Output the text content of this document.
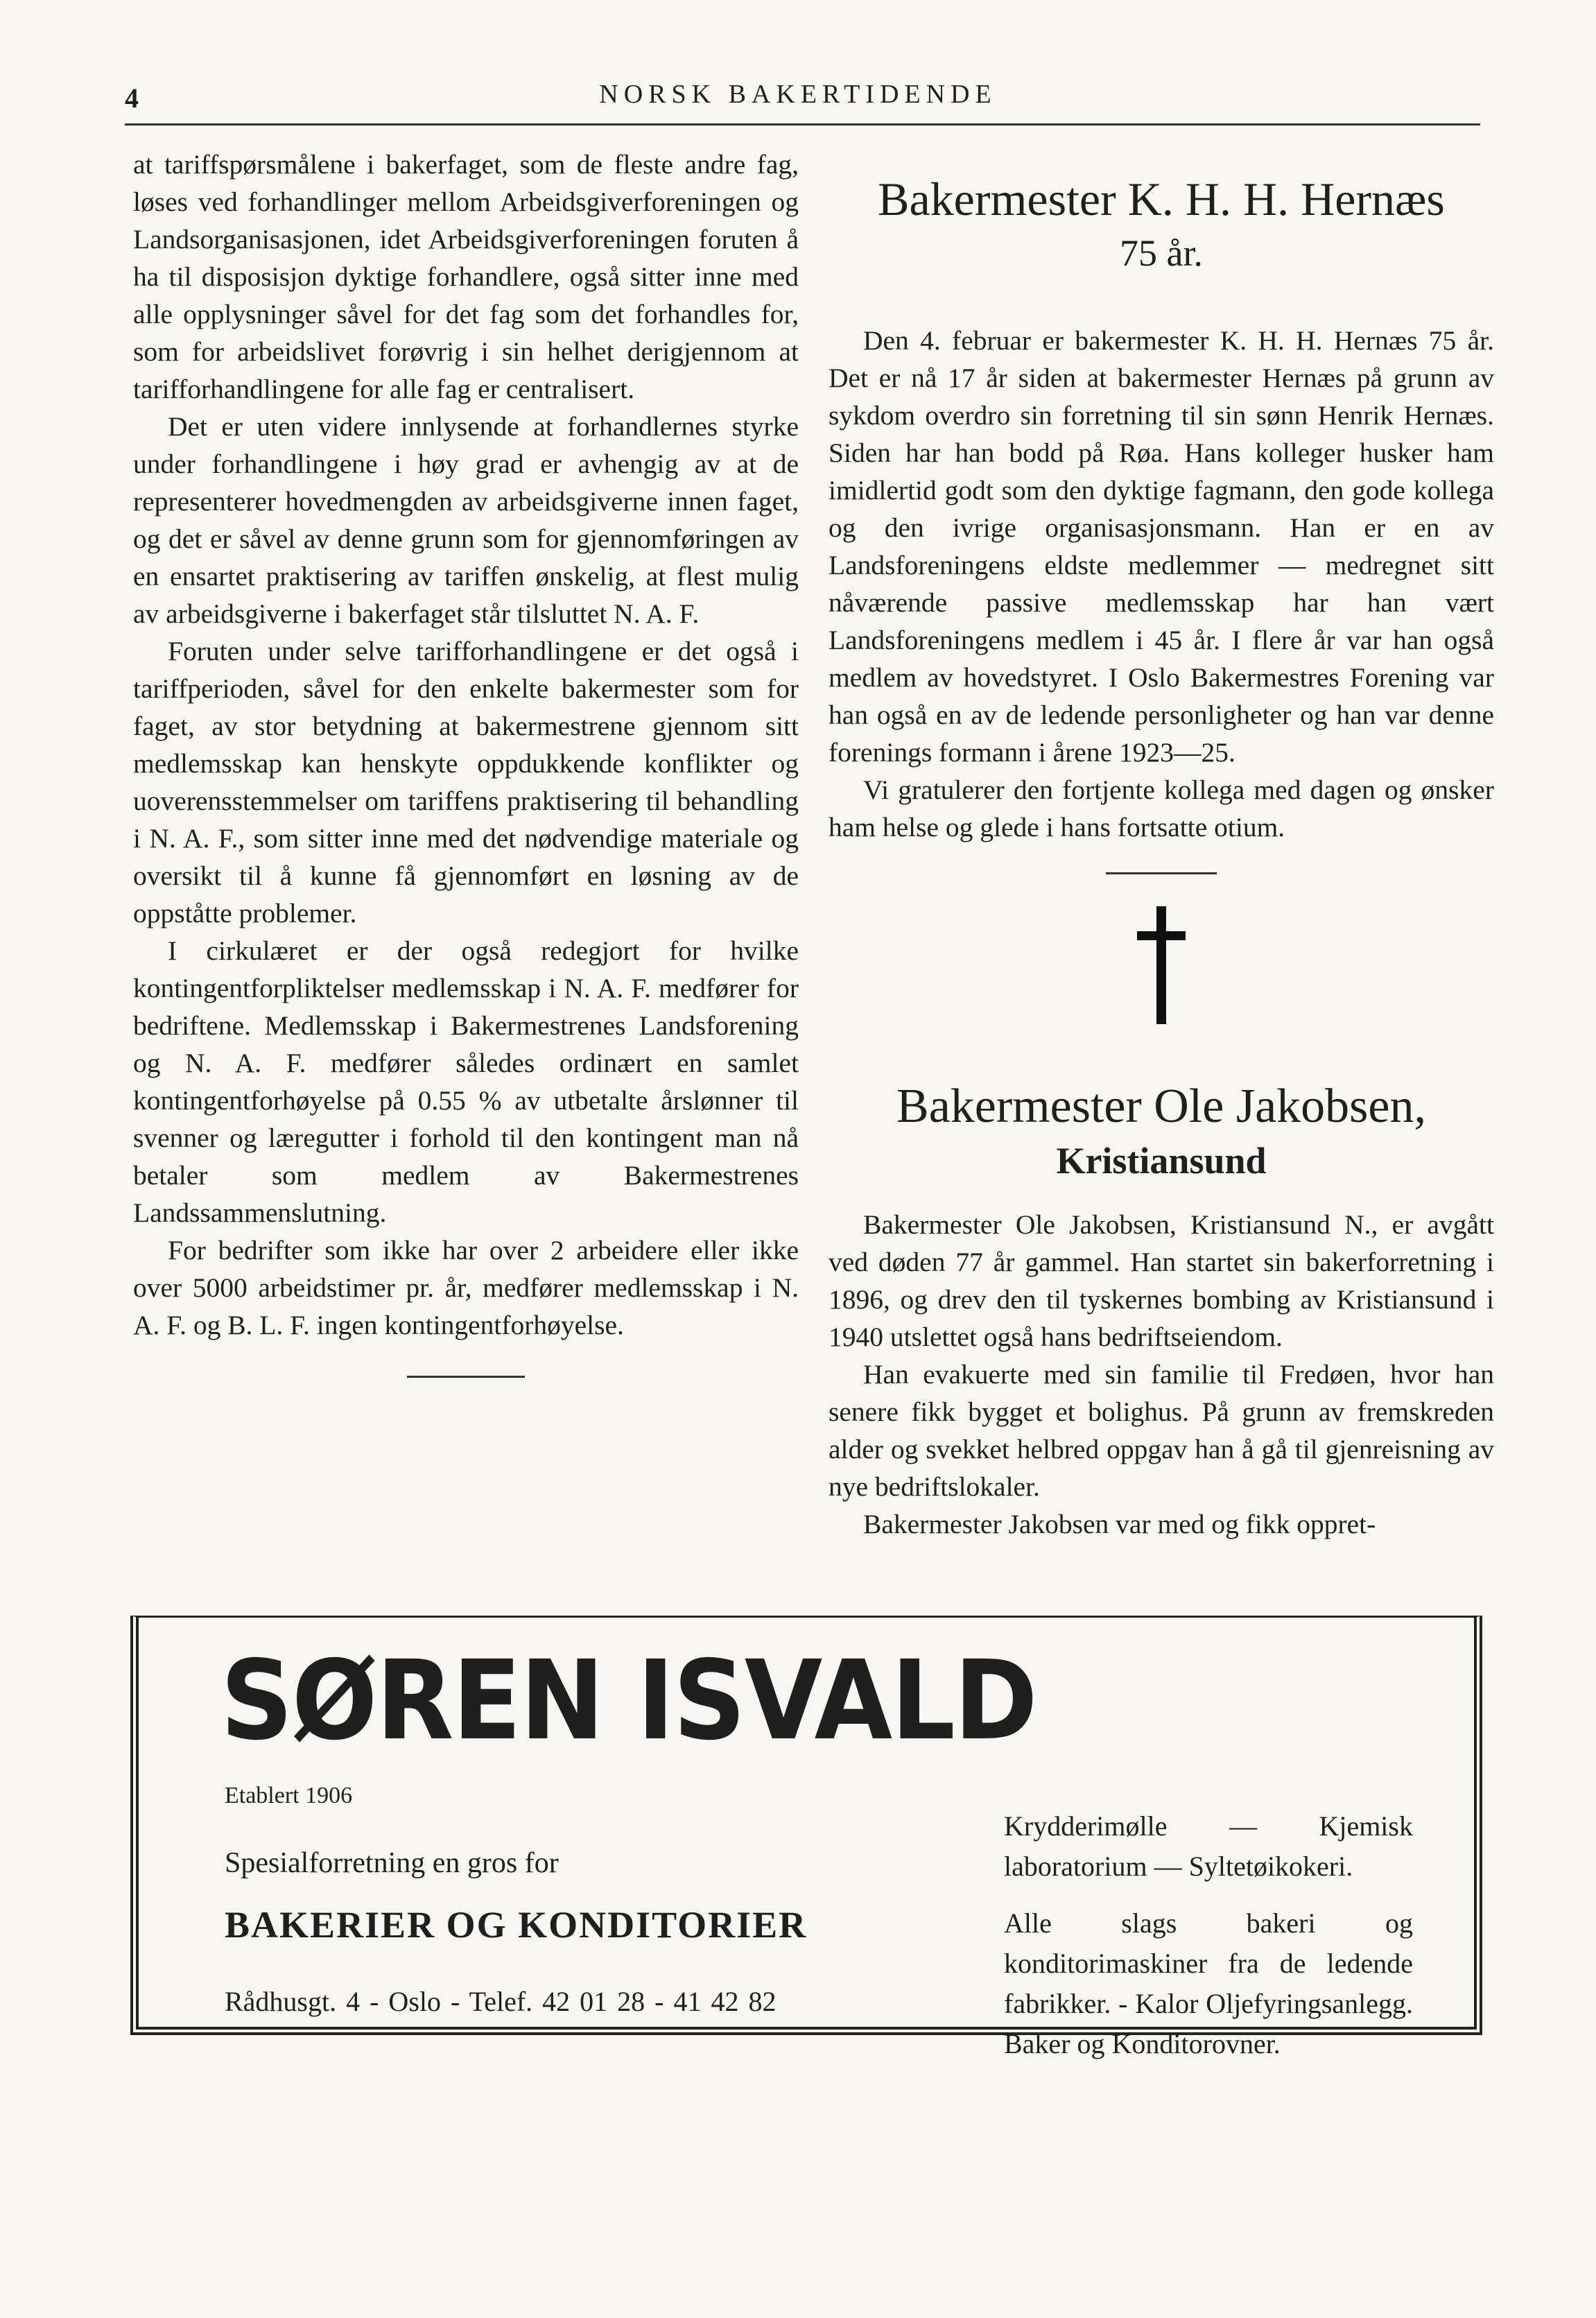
4	NORSK BAKERTIDENDE

at tariffspørsmålene i bakerfaget, som de fleste andre fag, løses ved forhandlinger mellom Arbeidsgiverforeningen og Landsorganisasjonen, idet Arbeidsgiverforeningen foruten å ha til disposisjon dyktige forhandlere, også sitter inne med alle opplysninger såvel for det fag som det forhandles for, som for arbeidslivet forøvrig i sin helhet derigjennom at tarifforhandlingene for alle fag er centralisert.

Det er uten videre innlysende at forhandlernes styrke under forhandlingene i høy grad er avhengig av at de representerer hovedmengden av arbeidsgiverne innen faget, og det er såvel av denne grunn som for gjennomføringen av en ensartet praktisering av tariffen ønskelig, at flest mulig av arbeidsgiverne i bakerfaget står tilsluttet N. A. F.

Foruten under selve tarifforhandlingene er det også i tariffperioden, såvel for den enkelte bakermester som for faget, av stor betydning at bakermestrene gjennom sitt medlemsskap kan henskyte oppdukkende konflikter og uoverensstemmelser om tariffens praktisering til behandling i N. A. F., som sitter inne med det nødvendige materiale og oversikt til å kunne få gjennomført en løsning av de oppståtte problemer.

I cirkulæret er der også redegjort for hvilke kontingentforpliktelser medlemsskap i N. A. F. medfører for bedriftene. Medlemsskap i Bakermestrenes Landsforening og N. A. F. medfører således ordinært en samlet kontingentforhøyelse på 0.55 % av utbetalte årslønner til svenner og læregutter i forhold til den kontingent man nå betaler som medlem av Bakermestrenes Landssammenslutning.

For bedrifter som ikke har over 2 arbeidere eller ikke over 5000 arbeidstimer pr. år, medfører medlemsskap i N. A. F. og B. L. F. ingen kontingentforhøyelse.

Bakermester K. H. H. Hernæs
75 år.

Den 4. februar er bakermester K. H. H. Hernæs 75 år. Det er nå 17 år siden at bakermester Hernæs på grunn av sykdom overdro sin forretning til sin sønn Henrik Hernæs. Siden har han bodd på Røa. Hans kolleger husker ham imidlertid godt som den dyktige fagmann, den gode kollega og den ivrige organisasjonsmann. Han er en av Landsforeningens eldste medlemmer — medregnet sitt nåværende passive medlemsskap har han vært Landsforeningens medlem i 45 år. I flere år var han også medlem av hovedstyret. I Oslo Bakermestres Forening var han også en av de ledende personligheter og han var denne forenings formann i årene 1923—25.

Vi gratulerer den fortjente kollega med dagen og ønsker ham helse og glede i hans fortsatte otium.

Bakermester Ole Jakobsen,
Kristiansund

Bakermester Ole Jakobsen, Kristiansund N., er avgått ved døden 77 år gammel. Han startet sin bakerforretning i 1896, og drev den til tyskernes bombing av Kristiansund i 1940 utslettet også hans bedriftseiendom.

Han evakuerte med sin familie til Fredøen, hvor han senere fikk bygget et bolighus. På grunn av fremskreden alder og svekket helbred oppgav han å gå til gjenreisning av nye bedriftslokaler.

Bakermester Jakobsen var med og fikk oppret-

SØREN ISVALD
Etablert 1906
Spesialforretning en gros for
BAKERIER OG KONDITORIER
Rådhusgt. 4 - Oslo - Telef. 42 01 28 - 41 42 82

Krydderimølle — Kjemisk laboratorium — Syltetøikokeri.

Alle slags bakeri og konditorimaskiner fra de ledende fabrikker. - Kalor Oljefyringsanlegg. Baker og Konditorovner.
